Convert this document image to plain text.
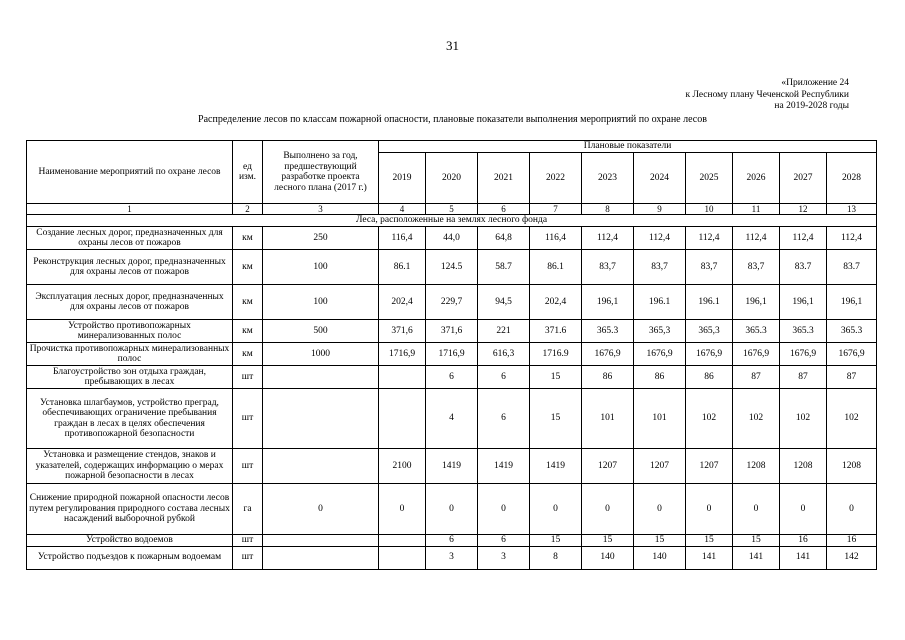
31
«Приложение 24
к Лесному плану Чеченской Республики
на 2019-2028 годы
Распределение лесов по классам пожарной опасности, плановые показатели выполнения мероприятий по охране лесов
Наименование мероприятий по охране лесов	ед изм.	Выполнено за год, предшествующий разработке проекта лесного плана (2017 г.)	Плановые показатели									
			2019	2020	2021	2022	2023	2024	2025	2026	2027	2028
1	2	3	4	5	6	7	8	9	10	11	12	13
Леса, расположенные на землях лесного фонда												
Создание лесных дорог, предназначенных для охраны лесов от пожаров	км	250	116,4	44,0	64,8	116,4	112,4	112,4	112,4	112,4	112,4	112,4
Реконструкция лесных дорог, предназначенных для охраны лесов от пожаров	км	100	86.1	124.5	58.7	86.1	83,7	83,7	83,7	83,7	83.7	83.7
Эксплуатация лесных дорог, предназначенных для охраны лесов от пожаров	км	100	202,4	229,7	94,5	202,4	196,1	196.1	196.1	196,1	196,1	196,1
Устройство противопожарных минерализованных полос	км	500	371,6	371,6	221	371.6	365.3	365,3	365,3	365.3	365.3	365.3
Прочистка противопожарных минерализованных полос	км	1000	1716,9	1716,9	616,3	1716.9	1676,9	1676,9	1676,9	1676,9	1676,9	1676,9
Благоустройство зон отдыха граждан, пребывающих в лесах	шт			6	6	15	86	86	86	87	87	87
Установка шлагбаумов, устройство преград, обеспечивающих ограничение пребывания граждан в лесах в целях обеспечения противопожарной безопасности	шт			4	6	15	101	101	102	102	102	102
Установка и размещение стендов, знаков и указателей, содержащих информацию о мерах пожарной безопасности в лесах	шт		2100	1419	1419	1419	1207	1207	1207	1208	1208	1208
Снижение природной пожарной опасности лесов путем регулирования природного состава лесных насаждений выборочной рубкой	га	0	0	0	0	0	0	0	0	0	0	0
Устройство водоемов	шт			6	6	15	15	15	15	15	16	16
Устройство подъездов к пожарным водоемам	шт			3	3	8	140	140	141	141	141	142
